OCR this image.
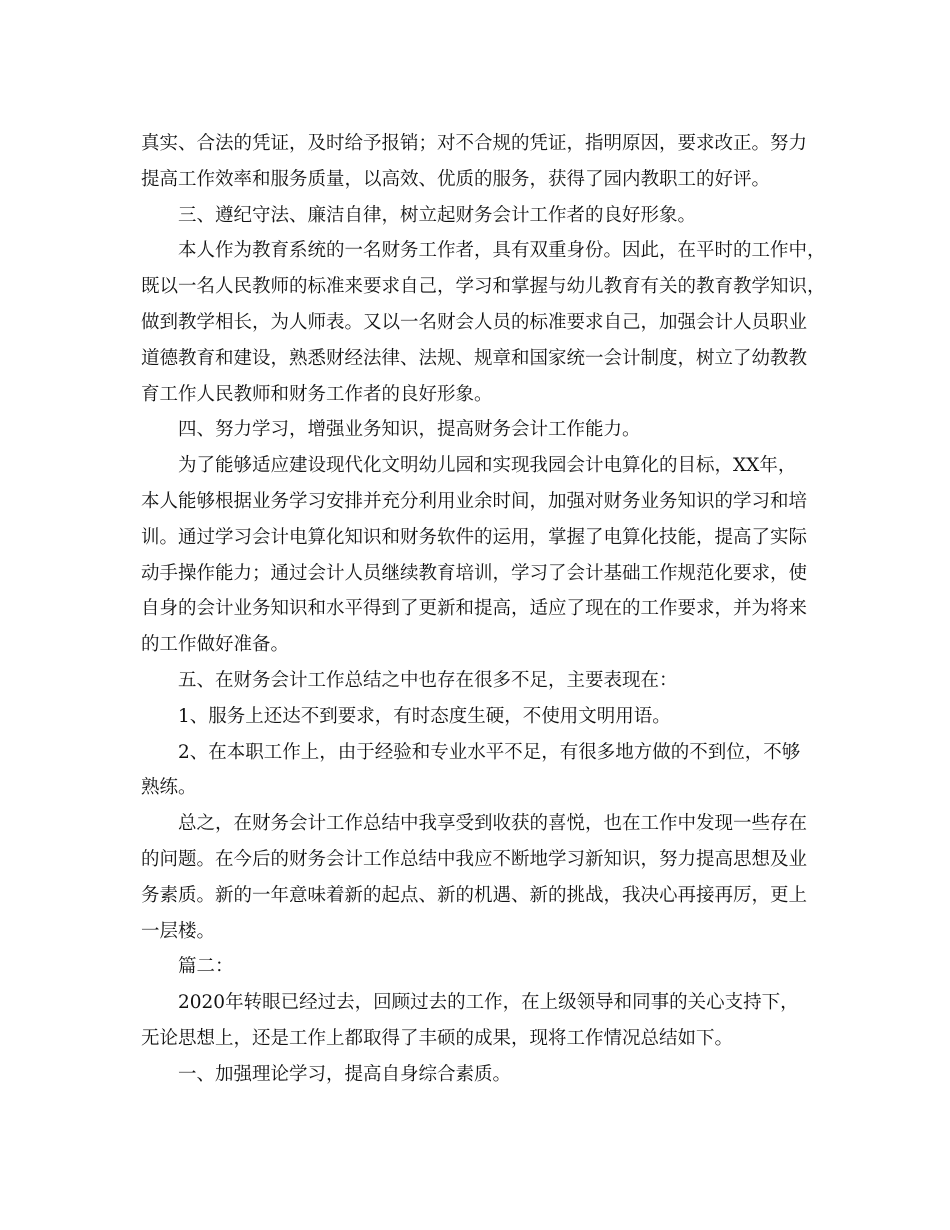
真实、合法的凭证，及时给予报销；对不合规的凭证，指明原因，要求改正。努力
提高工作效率和服务质量，以高效、优质的服务，获得了园内教职工的好评。
三、遵纪守法、廉洁自律，树立起财务会计工作者的良好形象。
本人作为教育系统的一名财务工作者，具有双重身份。因此，在平时的工作中，
既以一名人民教师的标准来要求自己，学习和掌握与幼儿教育有关的教育教学知识，
做到教学相长，为人师表。又以一名财会人员的标准要求自己，加强会计人员职业
道德教育和建设，熟悉财经法律、法规、规章和国家统一会计制度，树立了幼教教
育工作人民教师和财务工作者的良好形象。
四、努力学习，增强业务知识，提高财务会计工作能力。
为了能够适应建设现代化文明幼儿园和实现我园会计电算化的目标，XX年，
本人能够根据业务学习安排并充分利用业余时间，加强对财务业务知识的学习和培
训。通过学习会计电算化知识和财务软件的运用，掌握了电算化技能，提高了实际
动手操作能力；通过会计人员继续教育培训，学习了会计基础工作规范化要求，使
自身的会计业务知识和水平得到了更新和提高，适应了现在的工作要求，并为将来
的工作做好准备。
五、在财务会计工作总结之中也存在很多不足，主要表现在：
1、服务上还达不到要求，有时态度生硬，不使用文明用语。
2、在本职工作上，由于经验和专业水平不足，有很多地方做的不到位，不够
熟练。
总之，在财务会计工作总结中我享受到收获的喜悦，也在工作中发现一些存在
的问题。在今后的财务会计工作总结中我应不断地学习新知识，努力提高思想及业
务素质。新的一年意味着新的起点、新的机遇、新的挑战，我决心再接再厉，更上
一层楼。
篇二：
2020年转眼已经过去，回顾过去的工作，在上级领导和同事的关心支持下，
无论思想上，还是工作上都取得了丰硕的成果，现将工作情况总结如下。
一、加强理论学习，提高自身综合素质。
